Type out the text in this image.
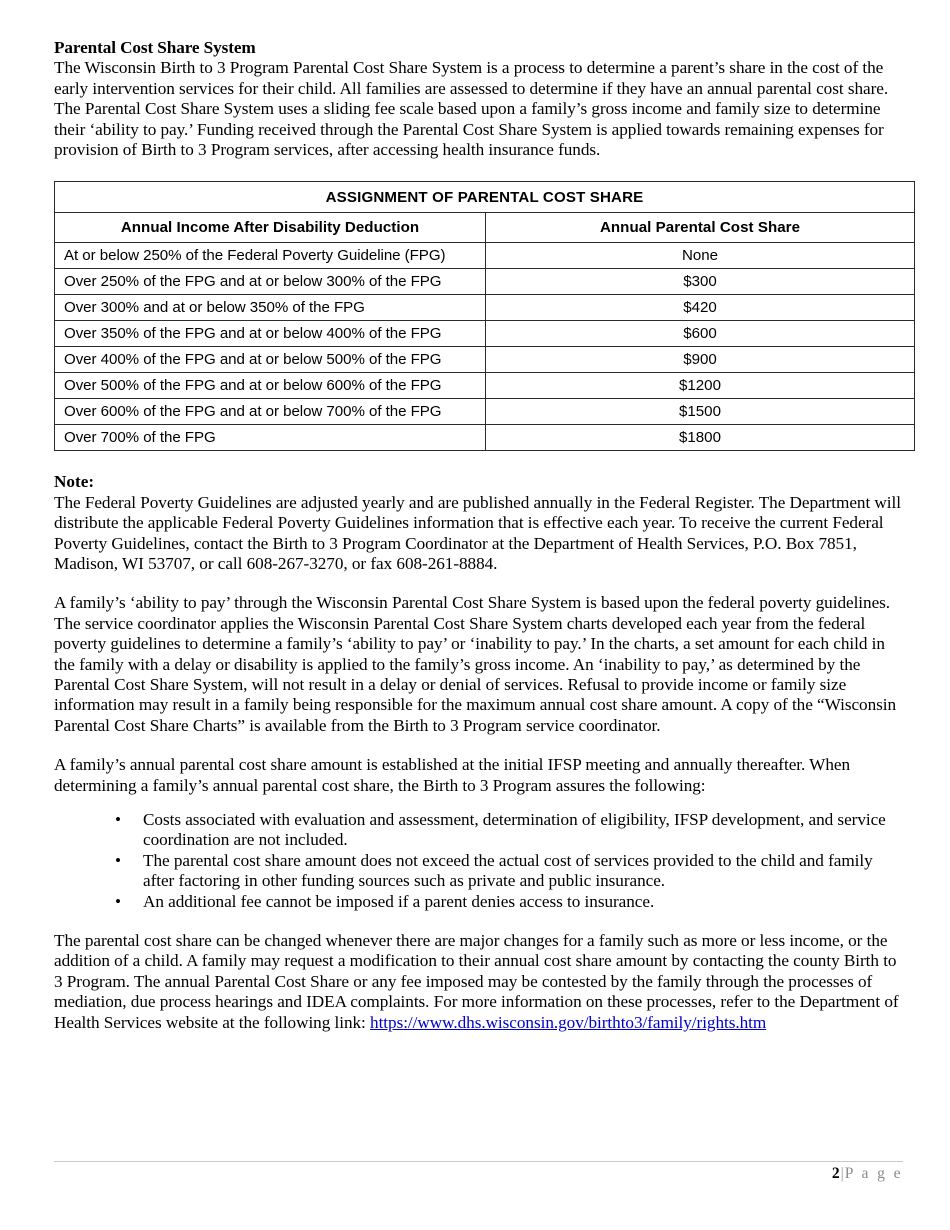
Parental Cost Share System

The Wisconsin Birth to 3 Program Parental Cost Share System is a process to determine a parent’s share in the cost of the early intervention services for their child. All families are assessed to determine if they have an annual parental cost share. The Parental Cost Share System uses a sliding fee scale based upon a family’s gross income and family size to determine their ‘ability to pay.’ Funding received through the Parental Cost Share System is applied towards remaining expenses for provision of Birth to 3 Program services, after accessing health insurance funds.

ASSIGNMENT OF PARENTAL COST SHARE	
Annual Income After Disability Deduction	Annual Parental Cost Share
At or below 250% of the Federal Poverty Guideline (FPG)	None
Over 250% of the FPG and at or below 300% of the FPG	$300
Over 300% and at or below 350% of the FPG	$420
Over 350% of the FPG and at or below 400% of the FPG	$600
Over 400% of the FPG and at or below 500% of the FPG	$900
Over 500% of the FPG and at or below 600% of the FPG	$1200
Over 600% of the FPG and at or below 700% of the FPG	$1500
Over 700% of the FPG	$1800

Note:

The Federal Poverty Guidelines are adjusted yearly and are published annually in the Federal Register. The Department will distribute the applicable Federal Poverty Guidelines information that is effective each year. To receive the current Federal Poverty Guidelines, contact the Birth to 3 Program Coordinator at the Department of Health Services, P.O. Box 7851, Madison, WI 53707, or call 608-267-3270, or fax 608-261-8884.

A family’s ‘ability to pay’ through the Wisconsin Parental Cost Share System is based upon the federal poverty guidelines. The service coordinator applies the Wisconsin Parental Cost Share System charts developed each year from the federal poverty guidelines to determine a family’s ‘ability to pay’ or ‘inability to pay.’ In the charts, a set amount for each child in the family with a delay or disability is applied to the family’s gross income. An ‘inability to pay,’ as determined by the Parental Cost Share System, will not result in a delay or denial of services. Refusal to provide income or family size information may result in a family being responsible for the maximum annual cost share amount. A copy of the “Wisconsin Parental Cost Share Charts” is available from the Birth to 3 Program service coordinator.

A family’s annual parental cost share amount is established at the initial IFSP meeting and annually thereafter. When determining a family’s annual parental cost share, the Birth to 3 Program assures the following:

• Costs associated with evaluation and assessment, determination of eligibility, IFSP development, and service coordination are not included.
• The parental cost share amount does not exceed the actual cost of services provided to the child and family after factoring in other funding sources such as private and public insurance.
• An additional fee cannot be imposed if a parent denies access to insurance.

The parental cost share can be changed whenever there are major changes for a family such as more or less income, or the addition of a child. A family may request a modification to their annual cost share amount by contacting the county Birth to 3 Program. The annual Parental Cost Share or any fee imposed may be contested by the family through the processes of mediation, due process hearings and IDEA complaints. For more information on these processes, refer to the Department of Health Services website at the following link: https://www.dhs.wisconsin.gov/birthto3/family/rights.htm

2|P a g e
